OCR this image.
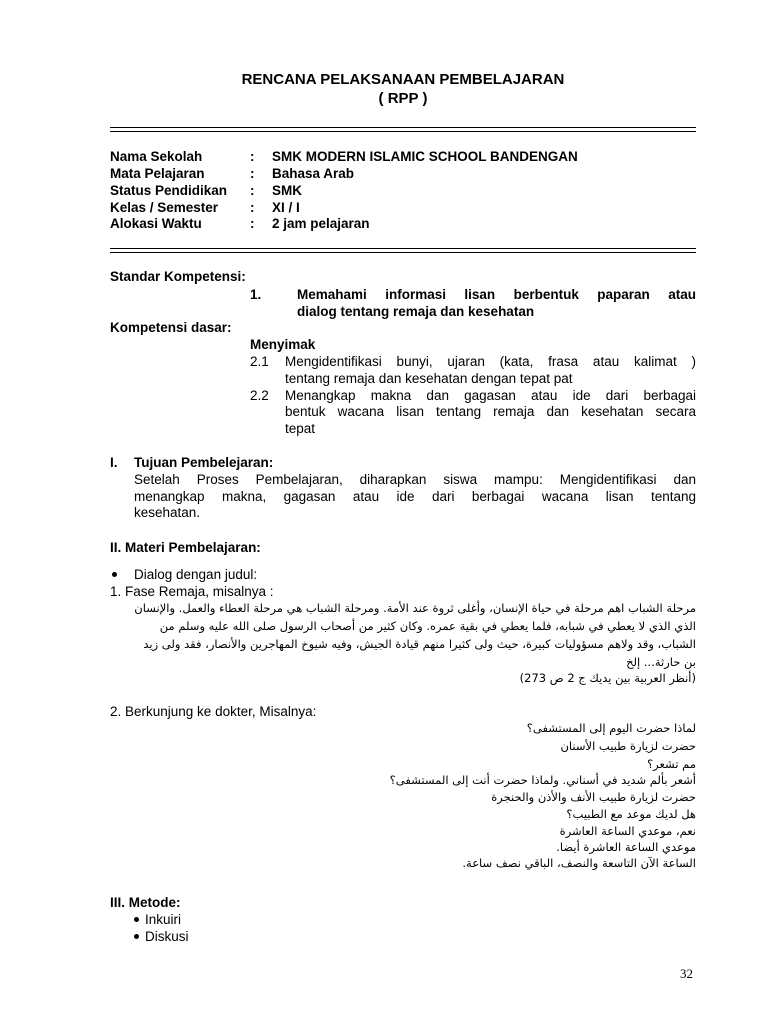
RENCANA PELAKSANAAN PEMBELAJARAN
( RPP )
Nama Sekolah	: SMK MODERN ISLAMIC SCHOOL BANDENGAN
Mata Pelajaran	: Bahasa Arab
Status Pendidikan : SMK
Kelas / Semester : XI / I
Alokasi Waktu	: 2 jam pelajaran
Standar Kompetensi:
1.	Memahami informasi lisan berbentuk paparan atau
dialog tentang remaja dan kesehatan
Kompetensi dasar:
Menyimak
2.1 Mengidentifikasi bunyi, ujaran (kata, frasa atau kalimat )
tentang remaja dan kesehatan dengan tepat pat
2.2 Menangkap makna dan gagasan atau ide dari berbagai
bentuk wacana lisan tentang remaja dan kesehatan secara
tepat
I. Tujuan Pembelejaran:
Setelah Proses Pembelajaran, diharapkan siswa mampu: Mengidentifikasi dan
menangkap makna, gagasan atau ide dari berbagai wacana lisan tentang
kesehatan.
II. Materi Pembelajaran:
Dialog dengan judul:
1. Fase Remaja, misalnya :
مرحلة الشباب اهم مرحلة في حياة الإنسان، وأغلى ثروة عند الأمة. ومرحلة الشباب هي مرحلة العطاء والعمل. والإنسان
الذي الذي لا يعطي في شبابه، فلما يعطي في بقية عمره. وكان كثير من أصحاب الرسول صلى الله عليه وسلم من
الشباب، وقد ولاهم مسؤوليات كبيرة، حيث ولى كثيرا منهم قيادة الجيش، وفيه شيوخ المهاجرين والأنصار، فقد ولى زيد
بن حارثة... إلخ
(أنظر العربية بين يديك ج 2 ص 273)
2. Berkunjung ke dokter, Misalnya:
لماذا حضرت اليوم إلى المستشفى؟
حضرت لزيارة طبيب الأسنان
مم تشعر؟
أشعر بألم شديد في أسناني. ولماذا حضرت أنت إلى المستشفى؟
حضرت لزيارة طبيب الأنف والأذن والحنجرة
هل لديك موعد مع الطبيب؟
نعم، موعدي الساعة العاشرة
موعدي الساعة العاشرة أيضا.
الساعة الآن التاسعة والنصف، الباقي نصف ساعة.
III. Metode:
Inkuiri
Diskusi
32
